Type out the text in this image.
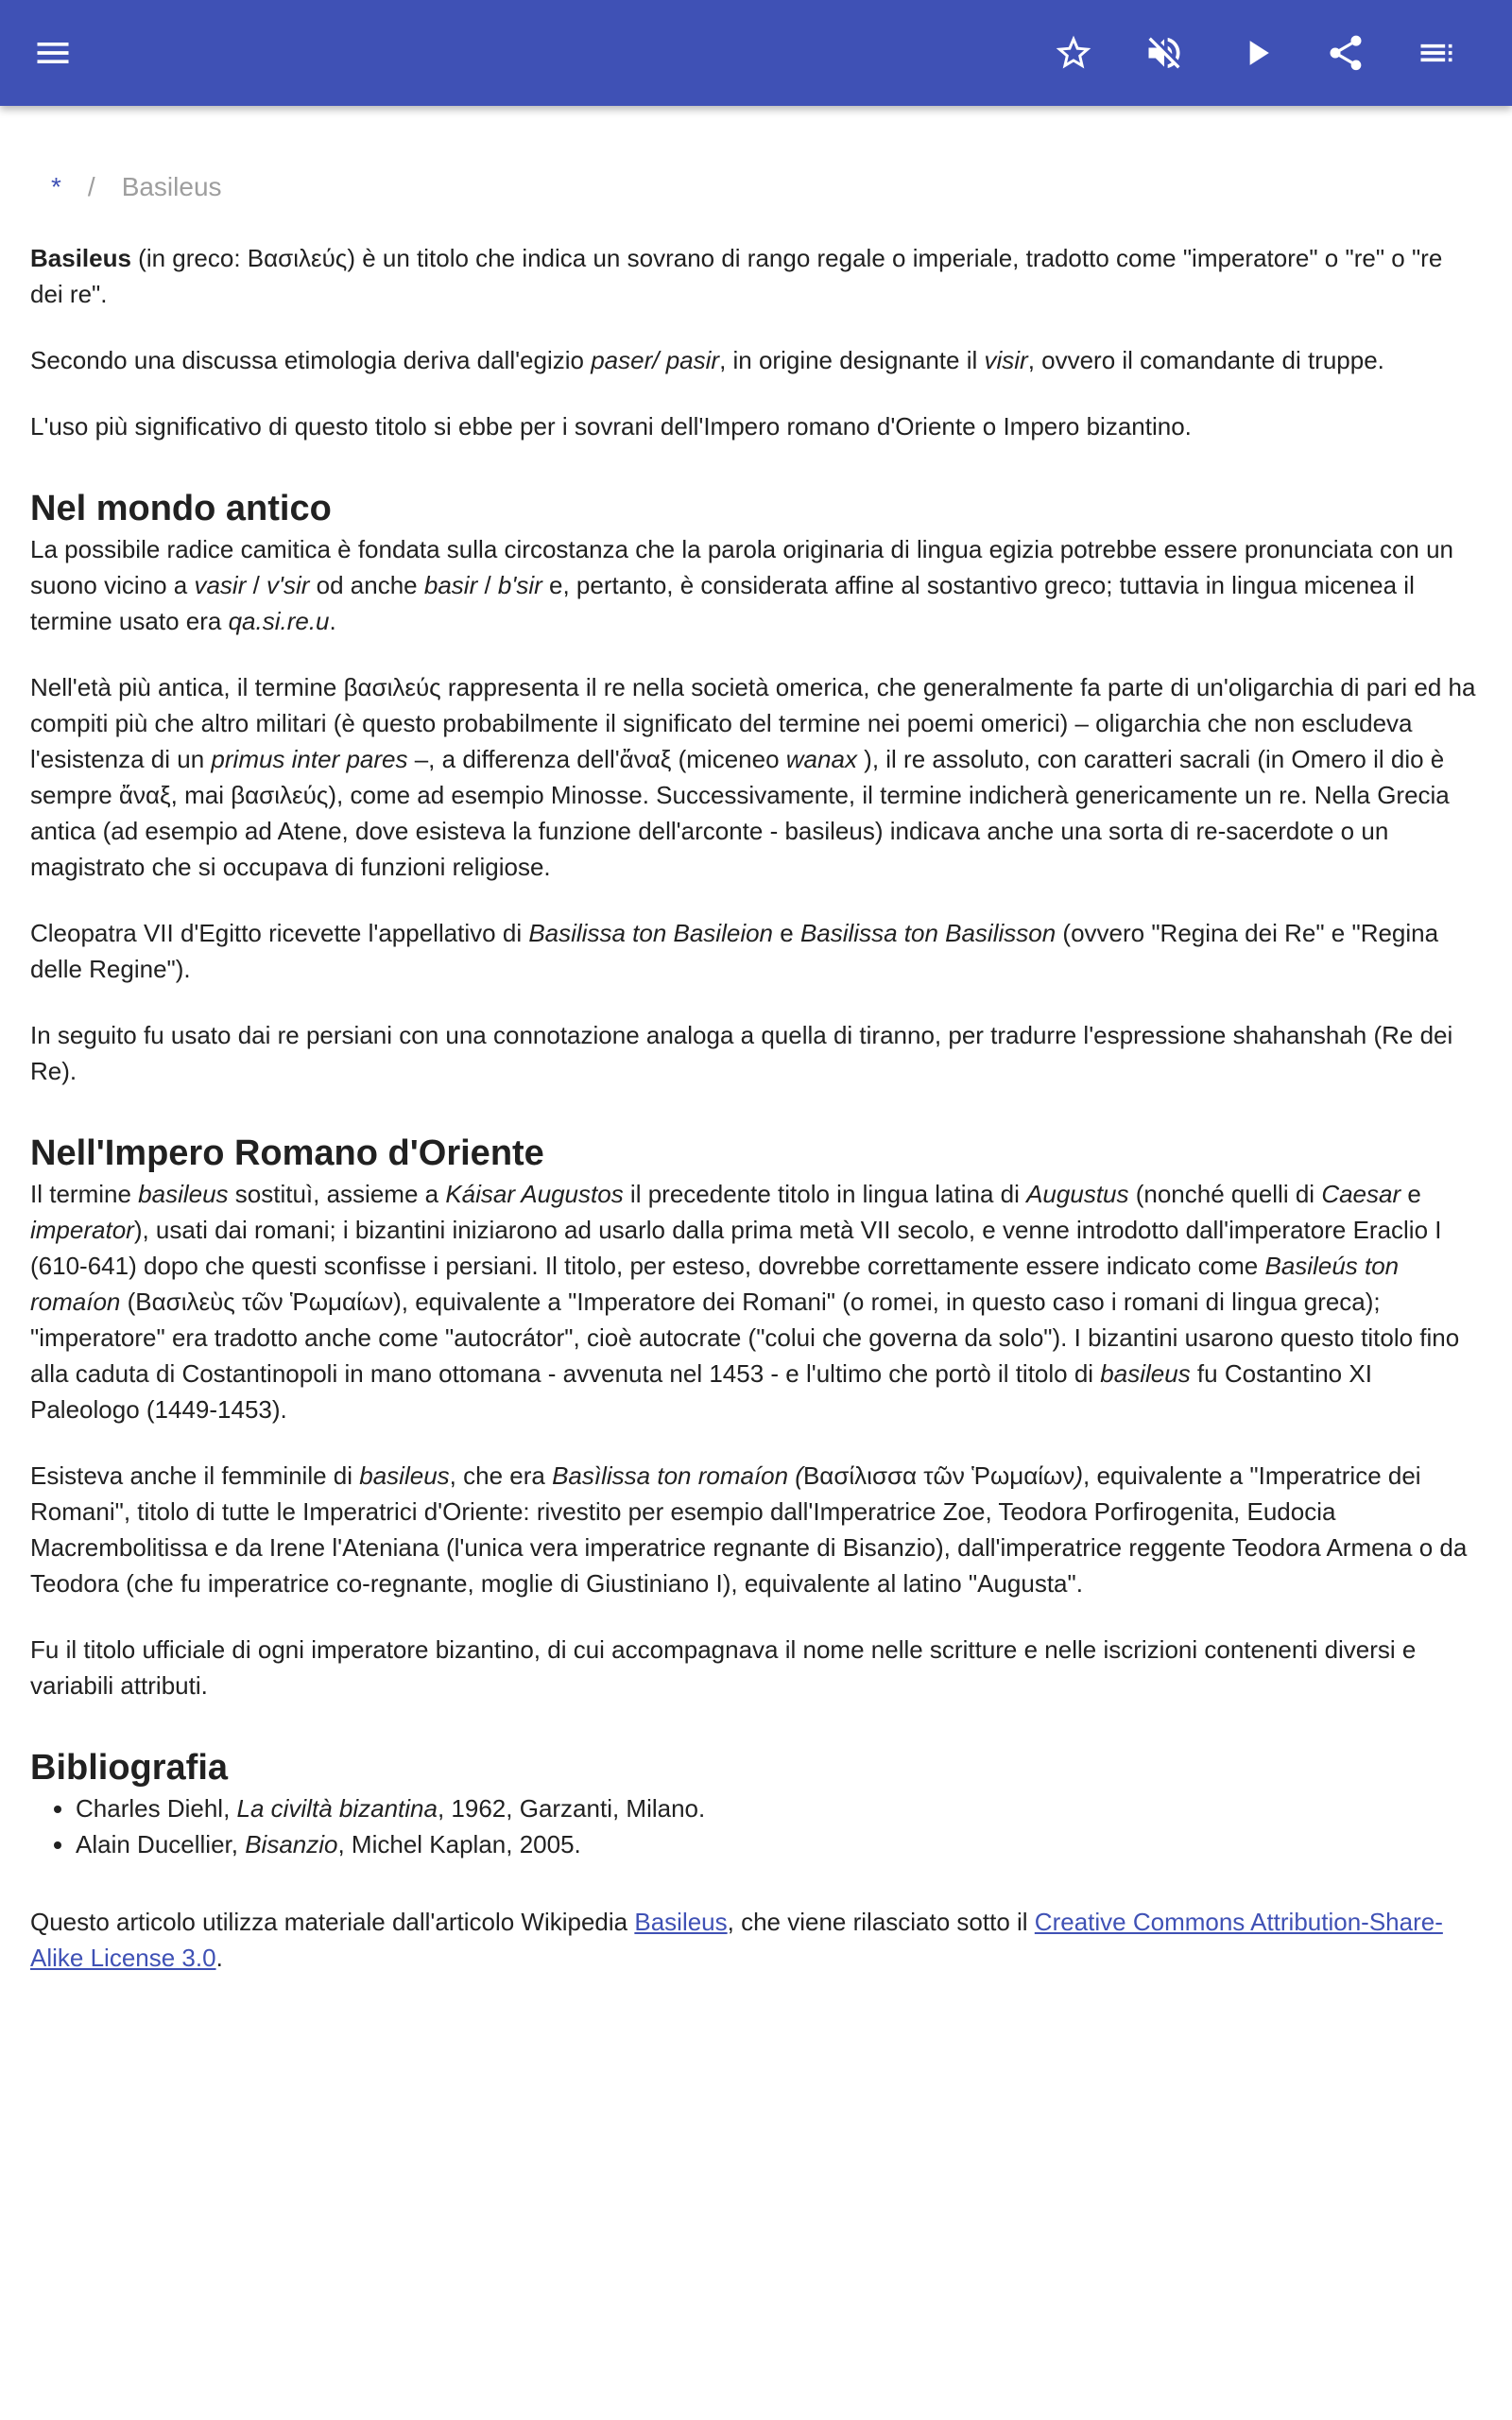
* / Basileus

Basileus (in greco: Βασιλεύς) è un titolo che indica un sovrano di rango regale o imperiale, tradotto come "imperatore" o "re" o "re dei re".

Secondo una discussa etimologia deriva dall'egizio paser/ pasir, in origine designante il visir, ovvero il comandante di truppe.

L'uso più significativo di questo titolo si ebbe per i sovrani dell'Impero romano d'Oriente o Impero bizantino.

Nel mondo antico

La possibile radice camitica è fondata sulla circostanza che la parola originaria di lingua egizia potrebbe essere pronunciata con un suono vicino a vasir / v'sir od anche basir / b'sir e, pertanto, è considerata affine al sostantivo greco; tuttavia in lingua micenea il termine usato era qa.si.re.u.

Nell'età più antica, il termine βασιλεύς rappresenta il re nella società omerica, che generalmente fa parte di un'oligarchia di pari ed ha compiti più che altro militari (è questo probabilmente il significato del termine nei poemi omerici) – oligarchia che non escludeva l'esistenza di un primus inter pares –, a differenza dell'ἄναξ (miceneo wanax ), il re assoluto, con caratteri sacrali (in Omero il dio è sempre ἄναξ, mai βασιλεύς), come ad esempio Minosse. Successivamente, il termine indicherà genericamente un re. Nella Grecia antica (ad esempio ad Atene, dove esisteva la funzione dell'arconte - basileus) indicava anche una sorta di re-sacerdote o un magistrato che si occupava di funzioni religiose.

Cleopatra VII d'Egitto ricevette l'appellativo di Basilissa ton Basileion e Basilissa ton Basilisson (ovvero "Regina dei Re" e "Regina delle Regine").

In seguito fu usato dai re persiani con una connotazione analoga a quella di tiranno, per tradurre l'espressione shahanshah (Re dei Re).

Nell'Impero Romano d'Oriente

Il termine basileus sostituì, assieme a Káisar Augustos il precedente titolo in lingua latina di Augustus (nonché quelli di Caesar e imperator), usati dai romani; i bizantini iniziarono ad usarlo dalla prima metà VII secolo, e venne introdotto dall'imperatore Eraclio I (610-641) dopo che questi sconfisse i persiani. Il titolo, per esteso, dovrebbe correttamente essere indicato come Basileús ton romaíon (Βασιλεὺς τῶν Ῥωμαίων), equivalente a "Imperatore dei Romani" (o romei, in questo caso i romani di lingua greca); "imperatore" era tradotto anche come "autocrátor", cioè autocrate ("colui che governa da solo"). I bizantini usarono questo titolo fino alla caduta di Costantinopoli in mano ottomana - avvenuta nel 1453 - e l'ultimo che portò il titolo di basileus fu Costantino XI Paleologo (1449-1453).

Esisteva anche il femminile di basileus, che era Basìlissa ton romaíon (Βασίλισσα τῶν Ῥωμαίων), equivalente a "Imperatrice dei Romani", titolo di tutte le Imperatrici d'Oriente: rivestito per esempio dall'Imperatrice Zoe, Teodora Porfirogenita, Eudocia Macrembolitissa e da Irene l'Ateniana (l'unica vera imperatrice regnante di Bisanzio), dall'imperatrice reggente Teodora Armena o da Teodora (che fu imperatrice co-regnante, moglie di Giustiniano I), equivalente al latino "Augusta".

Fu il titolo ufficiale di ogni imperatore bizantino, di cui accompagnava il nome nelle scritture e nelle iscrizioni contenenti diversi e variabili attributi.

Bibliografia
• Charles Diehl, La civiltà bizantina, 1962, Garzanti, Milano.
• Alain Ducellier, Bisanzio, Michel Kaplan, 2005.

Questo articolo utilizza materiale dall'articolo Wikipedia Basileus, che viene rilasciato sotto il Creative Commons Attribution-Share-Alike License 3.0.
